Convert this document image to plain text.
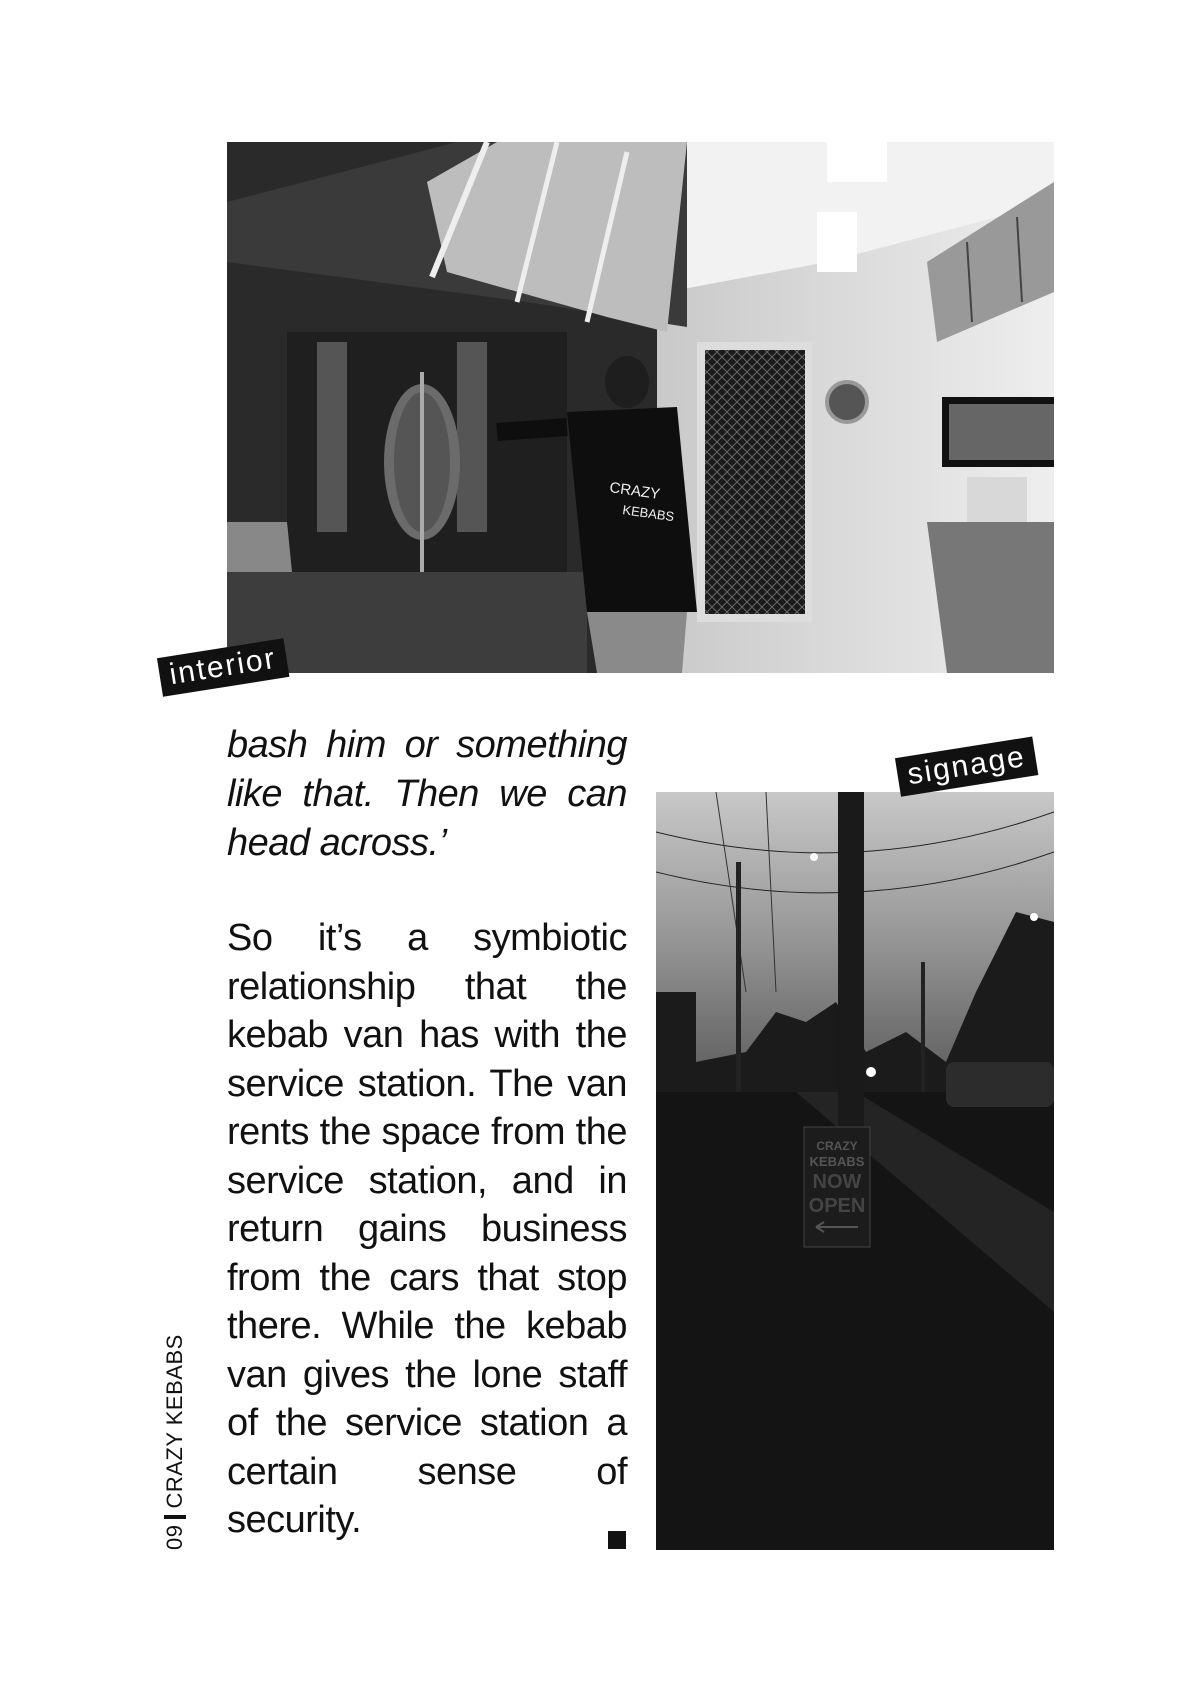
CRAZY
KEBABS
interior
CRAZY
KEBABS
NOW
OPEN
signage
bash him or something like that. Then we can head across.’
So it’s a symbiotic relationship that the kebab van has with the service station. The van rents the space from the service station, and in return gains business from the cars that stop there. While the kebab van gives the lone staff of the service station a certain sense of security.
09
CRAZY KEBABS
